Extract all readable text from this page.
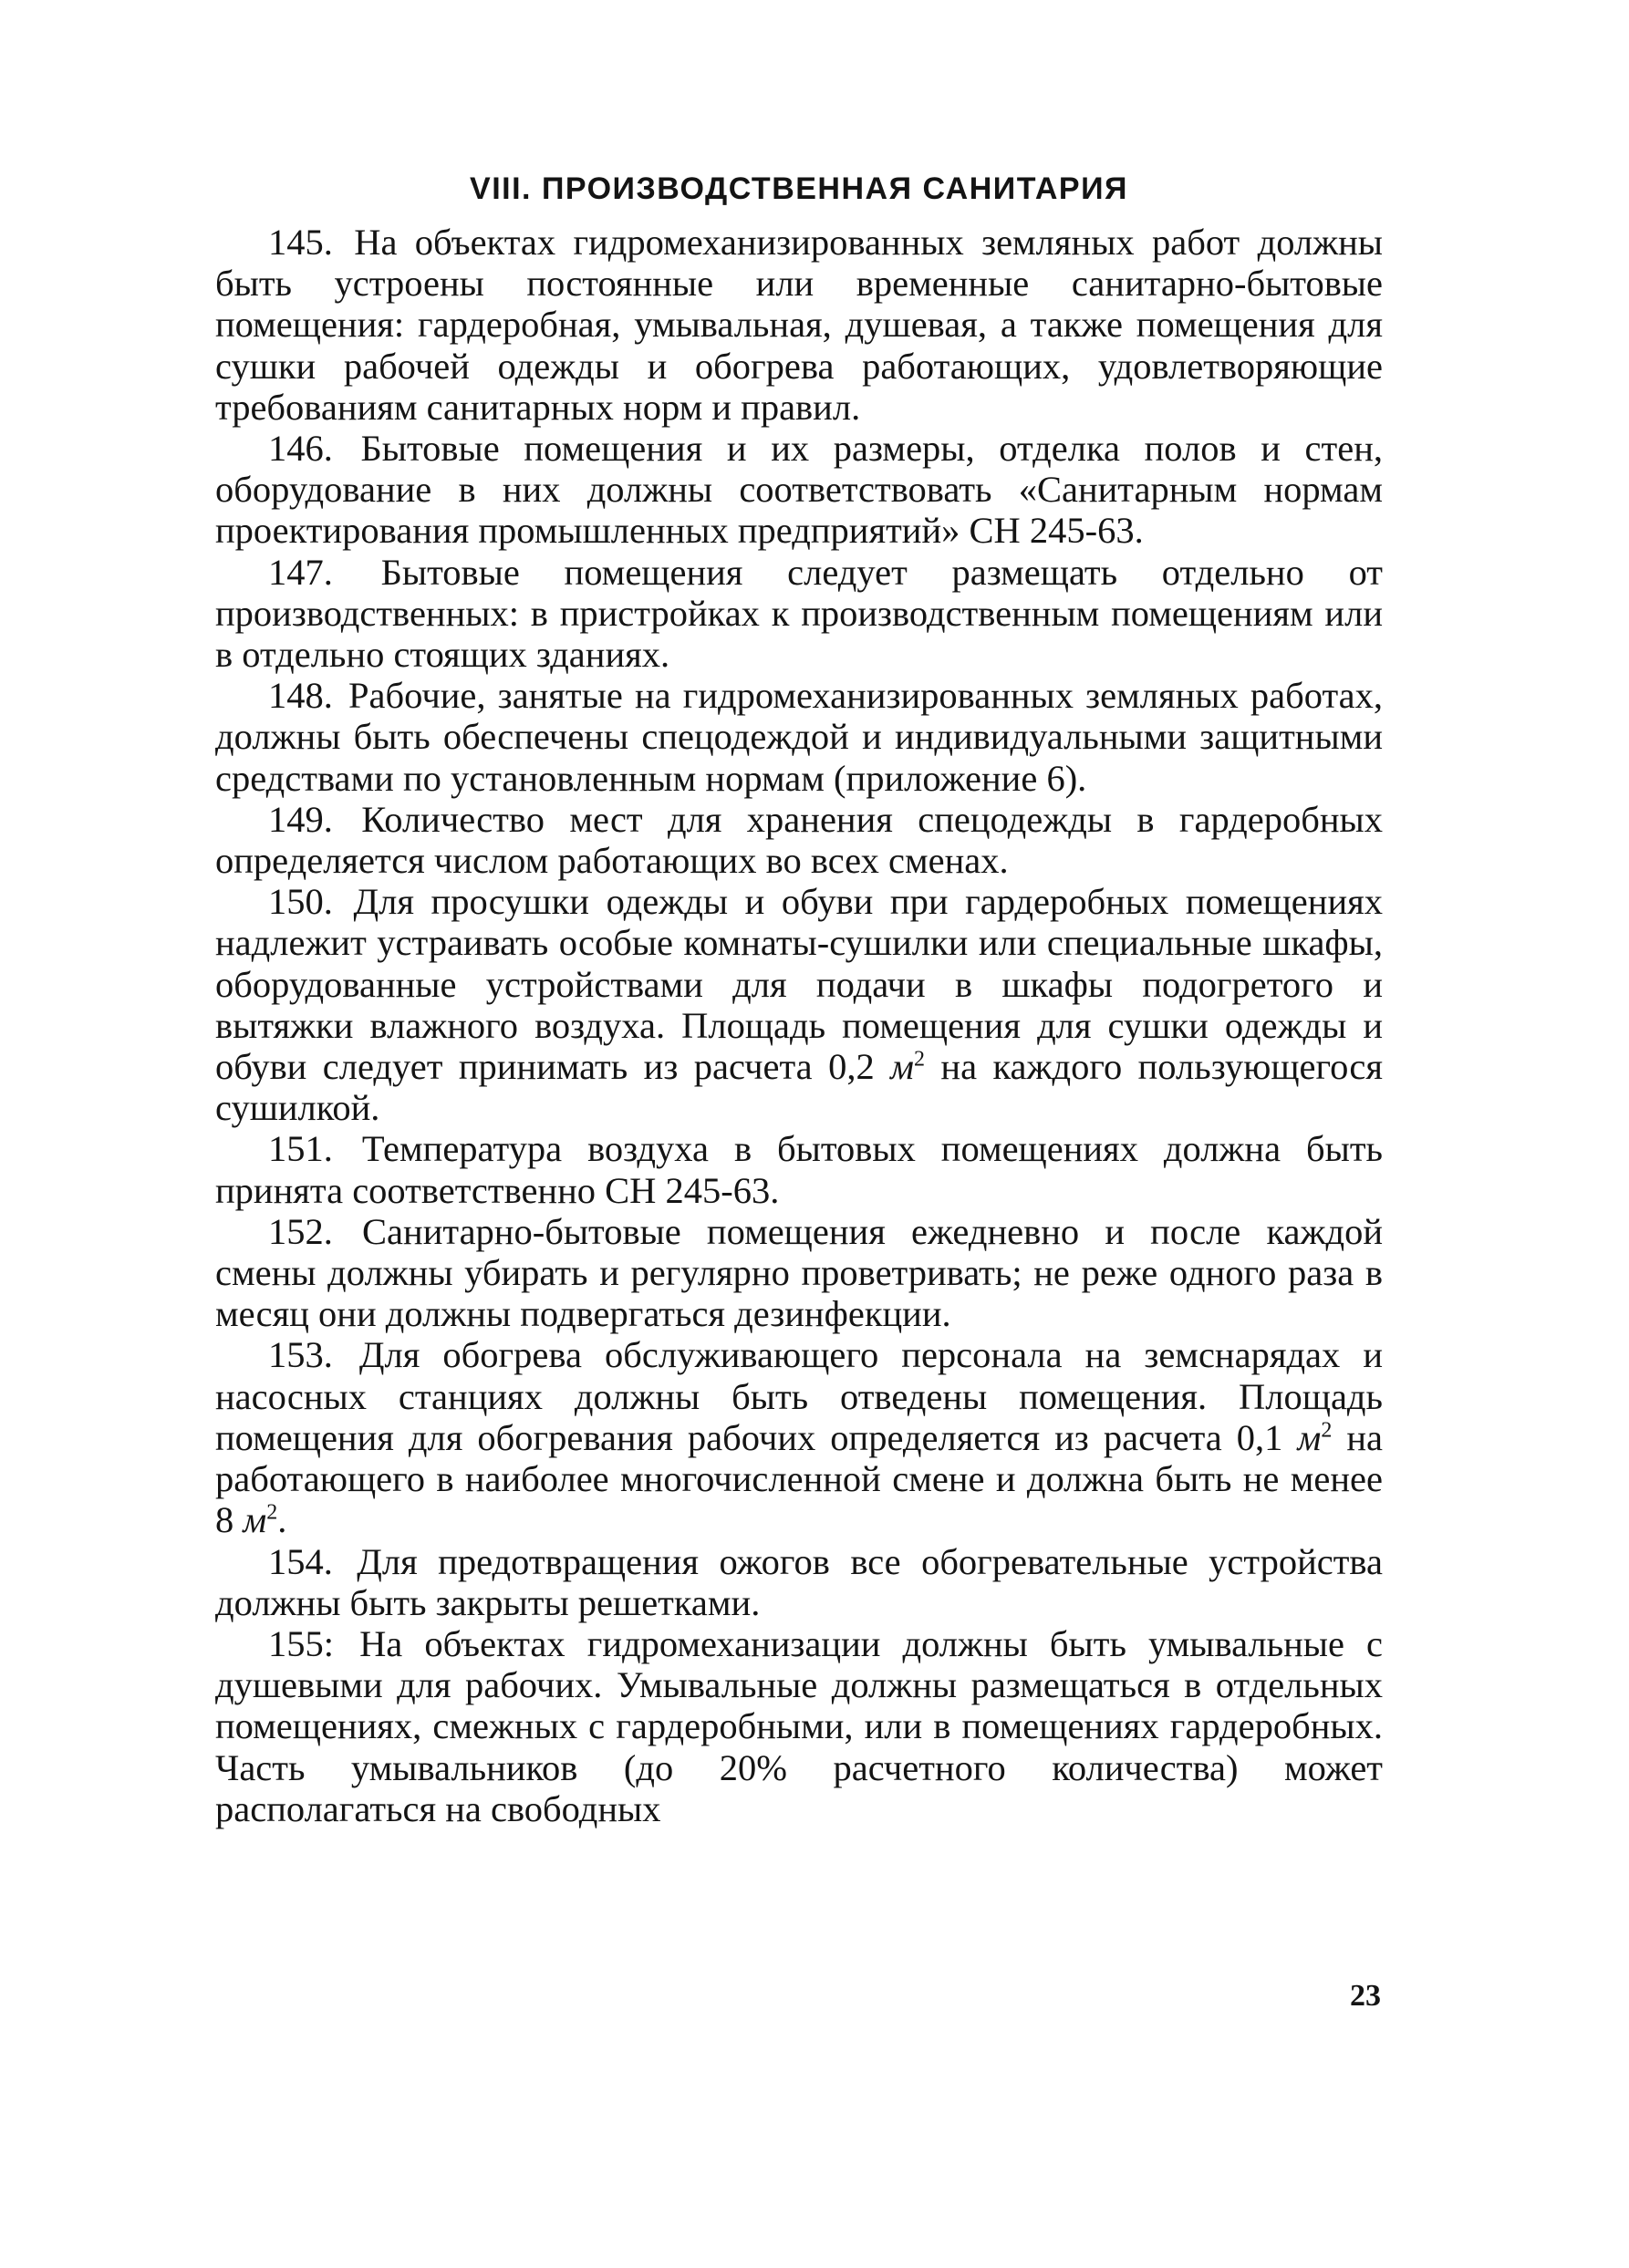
VIII. ПРОИЗВОДСТВЕННАЯ САНИТАРИЯ

145. На объектах гидромеханизированных земляных работ должны быть устроены постоянные или временные санитарно-бытовые помещения: гардеробная, умывальная, душевая, а также помещения для сушки рабочей одежды и обогрева работающих, удовлетворяющие требованиям санитарных норм и правил.

146. Бытовые помещения и их размеры, отделка полов и стен, оборудование в них должны соответствовать «Санитарным нормам проектирования промышленных предприятий» СН 245-63.

147. Бытовые помещения следует размещать отдельно от производственных: в пристройках к производственным помещениям или в отдельно стоящих зданиях.

148. Рабочие, занятые на гидромеханизированных земляных работах, должны быть обеспечены спецодеждой и индивидуальными защитными средствами по установленным нормам (приложение 6).

149. Количество мест для хранения спецодежды в гардеробных определяется числом работающих во всех сменах.

150. Для просушки одежды и обуви при гардеробных помещениях надлежит устраивать особые комнаты-сушилки или специальные шкафы, оборудованные устройствами для подачи в шкафы подогретого и вытяжки влажного воздуха. Площадь помещения для сушки одежды и обуви следует принимать из расчета 0,2 $м^2$ на каждого пользующегося сушилкой.

151. Температура воздуха в бытовых помещениях должна быть принята соответственно СН 245-63.

152. Санитарно-бытовые помещения ежедневно и после каждой смены должны убирать и регулярно проветривать; не реже одного раза в месяц они должны подвергаться дезинфекции.

153. Для обогрева обслуживающего персонала на земснарядах и насосных станциях должны быть отведены помещения. Площадь помещения для обогревания рабочих определяется из расчета 0,1 $м^2$ на работающего в наиболее многочисленной смене и должна быть не менее 8 $м^2$.

154. Для предотвращения ожогов все обогревательные устройства должны быть закрыты решетками.

155: На объектах гидромеханизации должны быть умывальные с душевыми для рабочих. Умывальные должны размещаться в отдельных помещениях, смежных с гардеробными, или в помещениях гардеробных. Часть умывальников (до 20% расчетного количества) может располагаться на свободных

23
